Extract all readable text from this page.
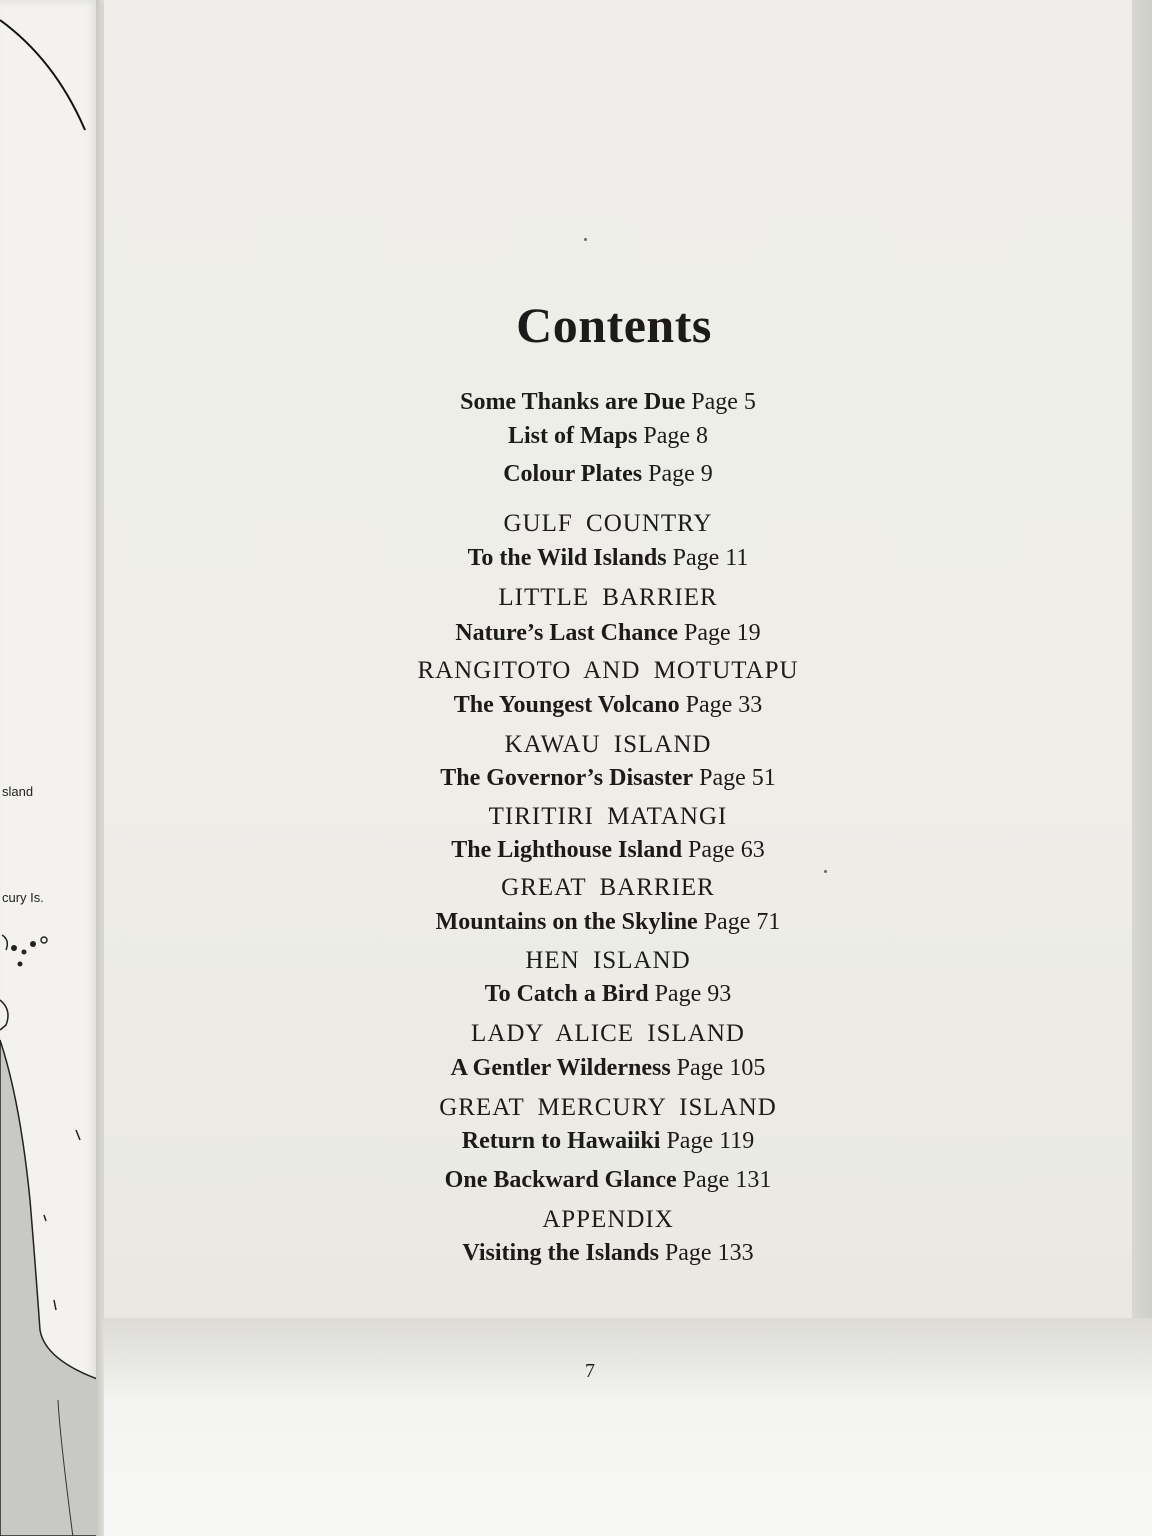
sland
cury Is.
Contents
Some Thanks are Due Page 5
List of Maps Page 8
Colour Plates Page 9
GULF COUNTRY
To the Wild Islands Page 11
LITTLE BARRIER
Nature’s Last Chance Page 19
RANGITOTO AND MOTUTAPU
The Youngest Volcano Page 33
KAWAU ISLAND
The Governor’s Disaster Page 51
TIRITIRI MATANGI
The Lighthouse Island Page 63
GREAT BARRIER
Mountains on the Skyline Page 71
HEN ISLAND
To Catch a Bird Page 93
LADY ALICE ISLAND
A Gentler Wilderness Page 105
GREAT MERCURY ISLAND
Return to Hawaiiki Page 119
One Backward Glance Page 131
APPENDIX
Visiting the Islands Page 133
7
